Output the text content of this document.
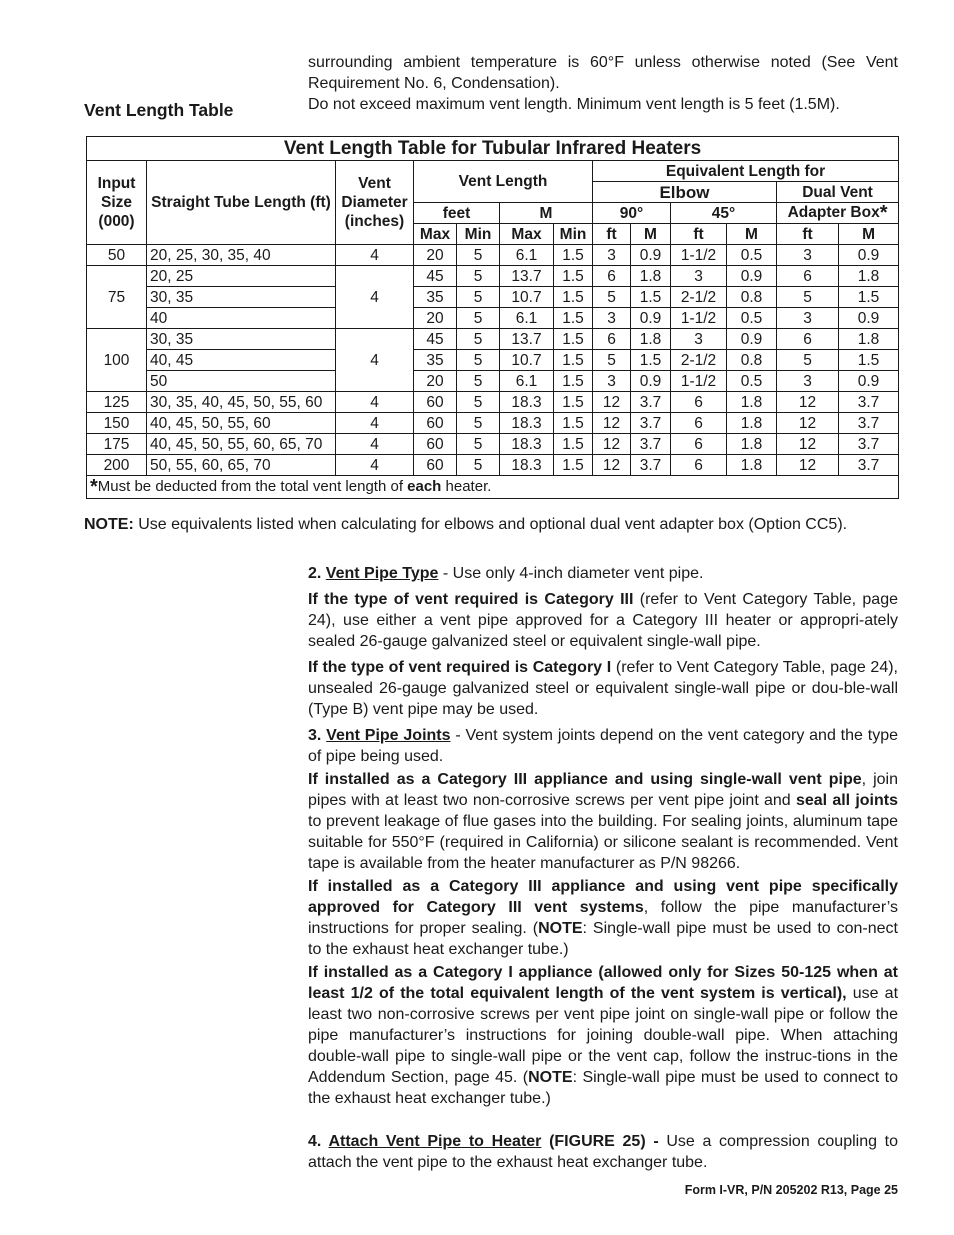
surrounding ambient temperature is 60°F unless otherwise noted (See Vent Requirement No. 6, Condensation).

Do not exceed maximum vent length. Minimum vent length is 5 feet (1.5M).

Vent Length Table
Vent Length Table for Tubular Infrared Heaters												
Input Size (000)	Straight Tube Length (ft)	Vent Diameter (inches)	Vent Length				Equivalent Length for					
							Elbow				Dual Vent	
			feet		M		90°		45°		Adapter Box*	
			Max	Min	Max	Min	ft	M	ft	M	ft	M
50	20, 25, 30, 35, 40	4	20	5	6.1	1.5	3	0.9	1-1/2	0.5	3	0.9
75	20, 25	4	45	5	13.7	1.5	6	1.8	3	0.9	6	1.8
	30, 35		35	5	10.7	1.5	5	1.5	2-1/2	0.8	5	1.5
	40		20	5	6.1	1.5	3	0.9	1-1/2	0.5	3	0.9
100	30, 35	4	45	5	13.7	1.5	6	1.8	3	0.9	6	1.8
	40, 45		35	5	10.7	1.5	5	1.5	2-1/2	0.8	5	1.5
	50		20	5	6.1	1.5	3	0.9	1-1/2	0.5	3	0.9
125	30, 35, 40, 45, 50, 55, 60	4	60	5	18.3	1.5	12	3.7	6	1.8	12	3.7
150	40, 45, 50, 55, 60	4	60	5	18.3	1.5	12	3.7	6	1.8	12	3.7
175	40, 45, 50, 55, 60, 65, 70	4	60	5	18.3	1.5	12	3.7	6	1.8	12	3.7
200	50, 55, 60, 65, 70	4	60	5	18.3	1.5	12	3.7	6	1.8	12	3.7
*Must be deducted from the total vent length of each heater.												
NOTE: Use equivalents listed when calculating for elbows and optional dual vent adapter box (Option CC5).

2. Vent Pipe Type - Use only 4-inch diameter vent pipe.

If the type of vent required is Category III (refer to Vent Category Table, page 24), use either a vent pipe approved for a Category III heater or appropri-ately sealed 26-gauge galvanized steel or equivalent single-wall pipe.

If the type of vent required is Category I (refer to Vent Category Table, page 24), unsealed 26-gauge galvanized steel or equivalent single-wall pipe or dou-ble-wall (Type B) vent pipe may be used.

3. Vent Pipe Joints - Vent system joints depend on the vent category and the type of pipe being used.

If installed as a Category III appliance and using single-wall vent pipe, join pipes with at least two non-corrosive screws per vent pipe joint and seal all joints to prevent leakage of flue gases into the building. For sealing joints, aluminum tape suitable for 550°F (required in California) or silicone sealant is recommended. Vent tape is available from the heater manufacturer as P/N 98266.

If installed as a Category III appliance and using vent pipe specifically approved for Category III vent systems, follow the pipe manufacturer’s instructions for proper sealing. (NOTE: Single-wall pipe must be used to con-nect to the exhaust heat exchanger tube.)

If installed as a Category I appliance (allowed only for Sizes 50-125 when at least 1/2 of the total equivalent length of the vent system is vertical), use at least two non-corrosive screws per vent pipe joint on single-wall pipe or follow the pipe manufacturer’s instructions for joining double-wall pipe. When attaching double-wall pipe to single-wall pipe or the vent cap, follow the instruc-tions in the Addendum Section, page 45. (NOTE: Single-wall pipe must be used to connect to the exhaust heat exchanger tube.)

4. Attach Vent Pipe to Heater (FIGURE 25) - Use a compression coupling to attach the vent pipe to the exhaust heat exchanger tube.

Form I-VR, P/N 205202 R13, Page 25
